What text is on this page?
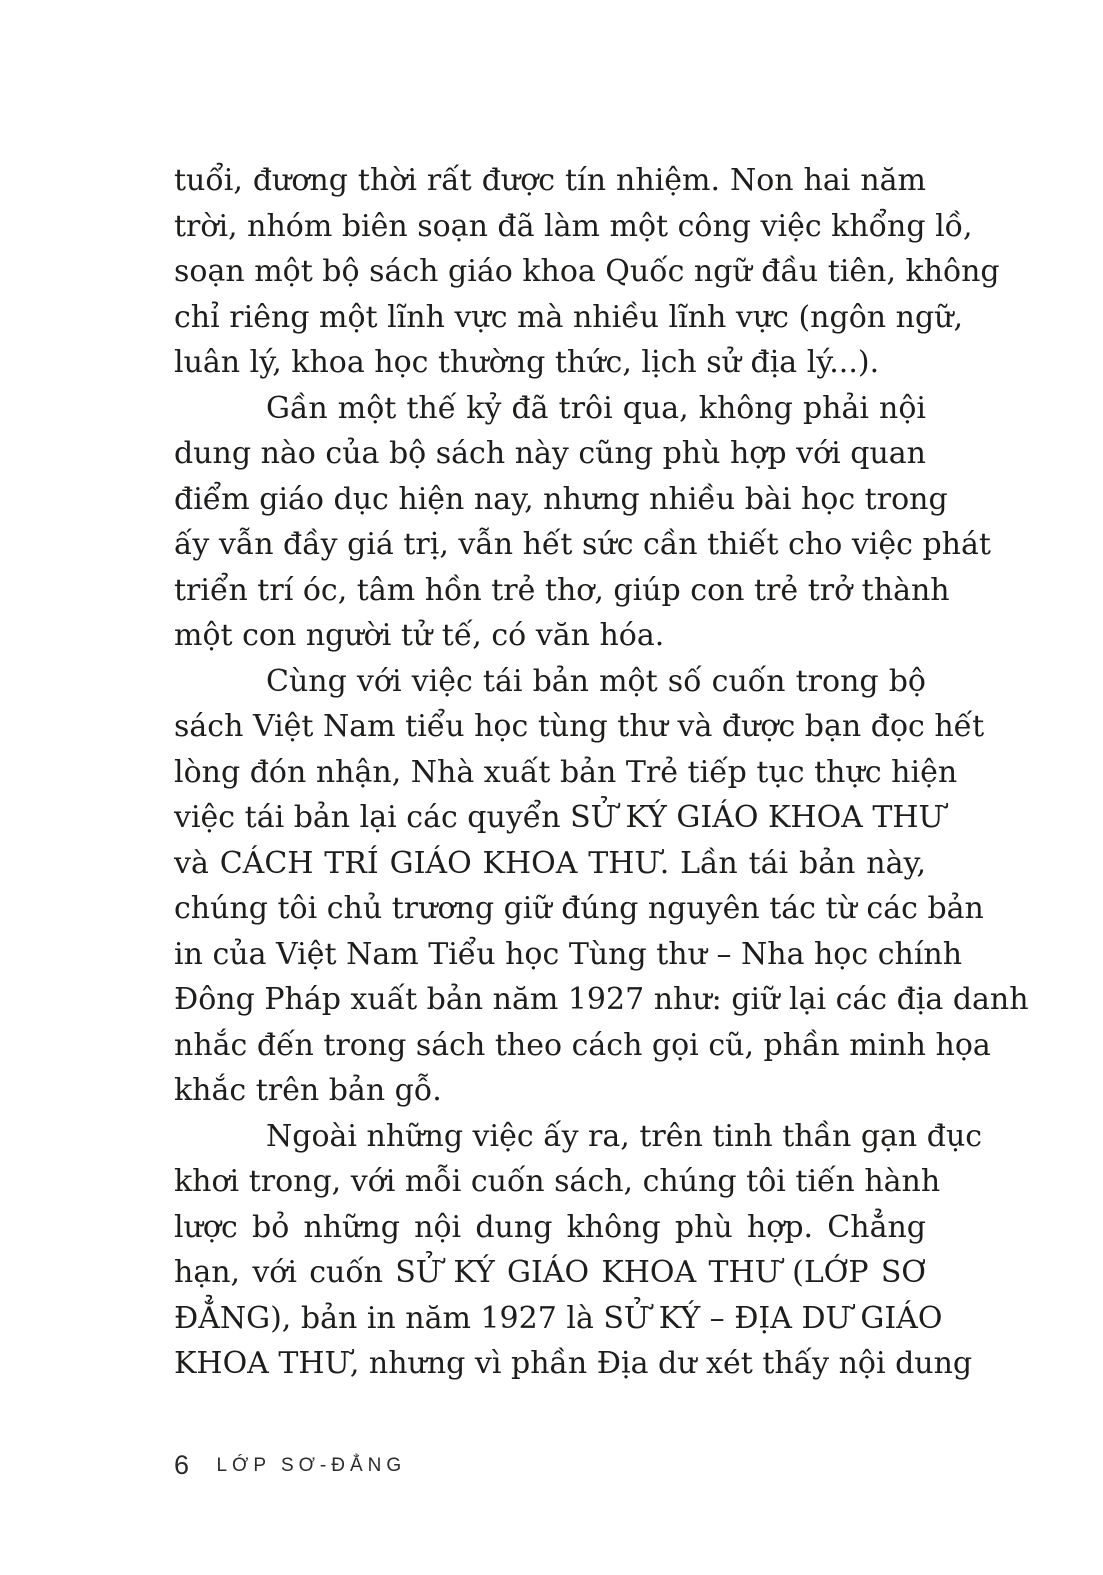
tuổi, đương thời rất được tín nhiệm. Non hai năm
trời, nhóm biên soạn đã làm một công việc khổng lồ,
soạn một bộ sách giáo khoa Quốc ngữ đầu tiên, không
chỉ riêng một lĩnh vực mà nhiều lĩnh vực (ngôn ngữ,
luân lý, khoa học thường thức, lịch sử địa lý...).
Gần một thế kỷ đã trôi qua, không phải nội
dung nào của bộ sách này cũng phù hợp với quan
điểm giáo dục hiện nay, nhưng nhiều bài học trong
ấy vẫn đầy giá trị, vẫn hết sức cần thiết cho việc phát
triển trí óc, tâm hồn trẻ thơ, giúp con trẻ trở thành
một con người tử tế, có văn hóa.
Cùng với việc tái bản một số cuốn trong bộ
sách Việt Nam tiểu học tùng thư và được bạn đọc hết
lòng đón nhận, Nhà xuất bản Trẻ tiếp tục thực hiện
việc tái bản lại các quyển SỬ KÝ GIÁO KHOA THƯ
và CÁCH TRÍ GIÁO KHOA THƯ. Lần tái bản này,
chúng tôi chủ trương giữ đúng nguyên tác từ các bản
in của Việt Nam Tiểu học Tùng thư – Nha học chính
Đông Pháp xuất bản năm 1927 như: giữ lại các địa danh
nhắc đến trong sách theo cách gọi cũ, phần minh họa
khắc trên bản gỗ.
Ngoài những việc ấy ra, trên tinh thần gạn đục
khơi trong, với mỗi cuốn sách, chúng tôi tiến hành
lược bỏ những nội dung không phù hợp. Chẳng
hạn, với cuốn SỬ KÝ GIÁO KHOA THƯ (LỚP SƠ
ĐẲNG), bản in năm 1927 là SỬ KÝ – ĐỊA DƯ GIÁO
KHOA THƯ, nhưng vì phần Địa dư xét thấy nội dung
6 LỚP SƠ-ĐẲNG
